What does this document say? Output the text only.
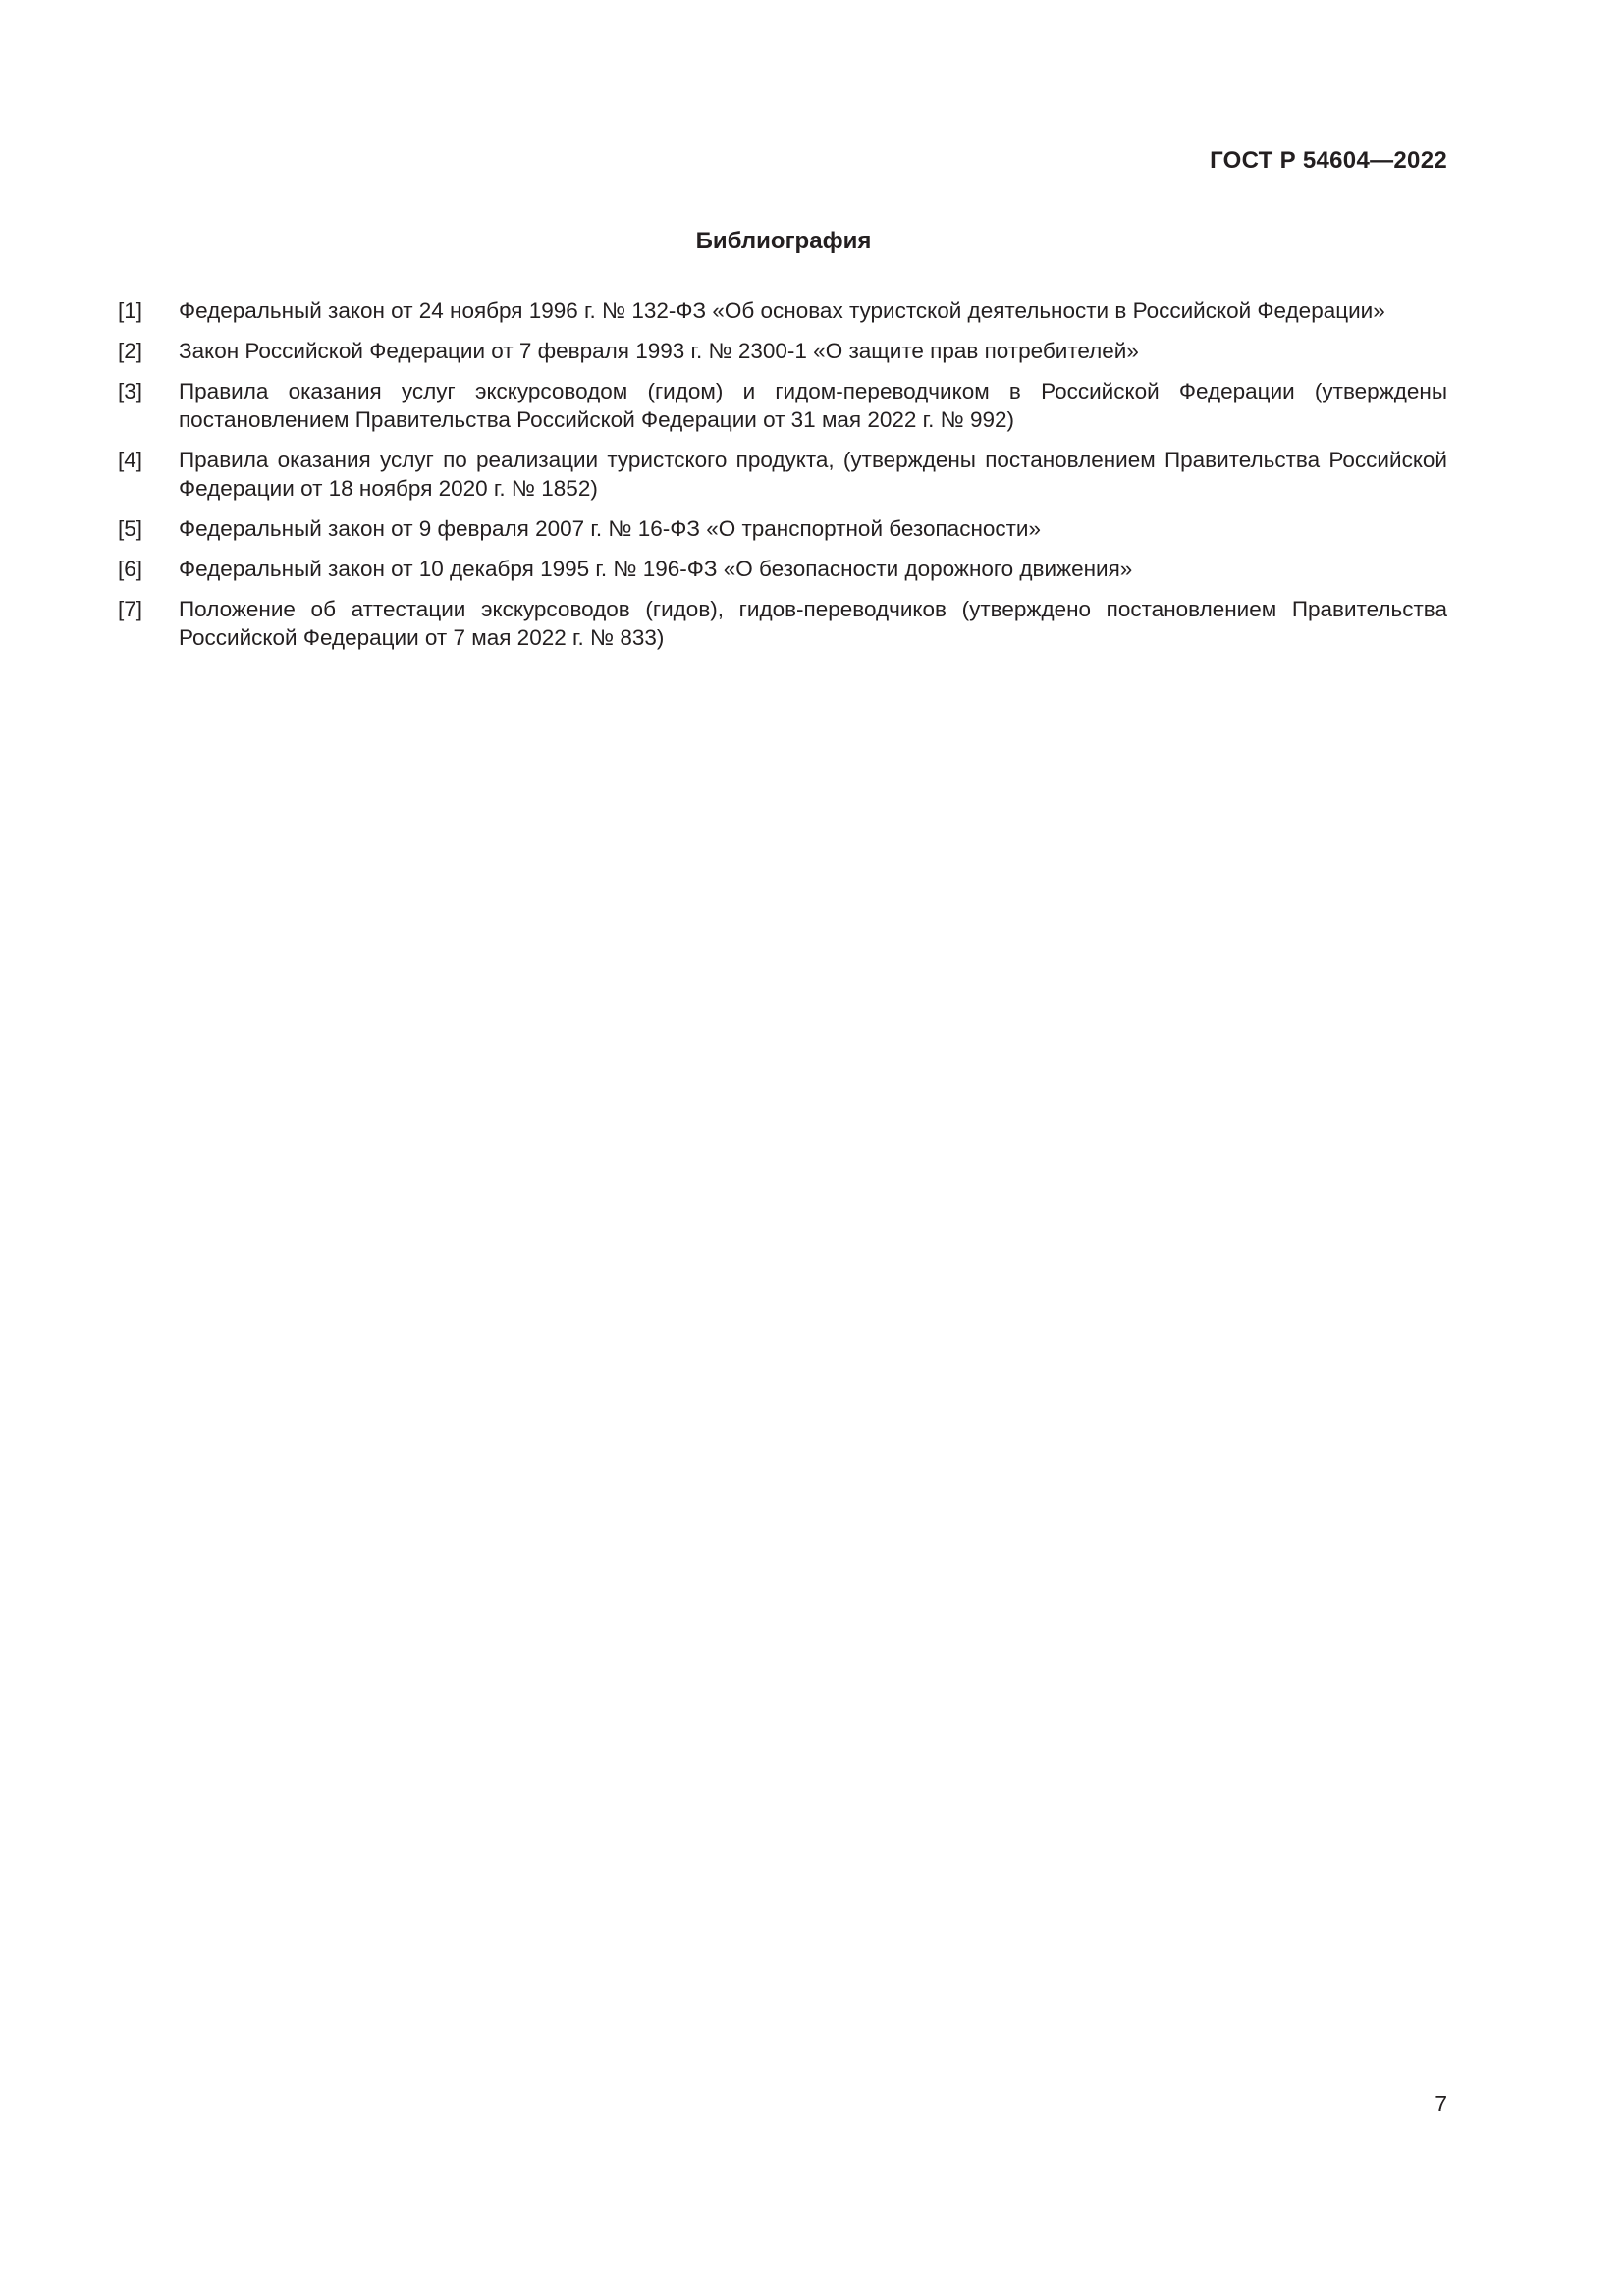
ГОСТ Р 54604—2022
Библиография
[1]	Федеральный закон от 24 ноября 1996 г. № 132-ФЗ «Об основах туристской деятельности в Российской Федерации»
[2]	Закон Российской Федерации от 7 февраля 1993 г. № 2300-1 «О защите прав потребителей»
[3]	Правила оказания услуг экскурсоводом (гидом) и гидом-переводчиком в Российской Федерации (утверждены постановлением Правительства Российской Федерации от 31 мая 2022 г. № 992)
[4]	Правила оказания услуг по реализации туристского продукта, (утверждены постановлением Правительства Российской Федерации от 18 ноября 2020 г. № 1852)
[5]	Федеральный закон от 9 февраля 2007 г. № 16-ФЗ «О транспортной безопасности»
[6]	Федеральный закон от 10 декабря 1995 г. № 196-ФЗ «О безопасности дорожного движения»
[7]	Положение об аттестации экскурсоводов (гидов), гидов-переводчиков (утверждено постановлением Правительства Российской Федерации от 7 мая 2022 г. № 833)
7
